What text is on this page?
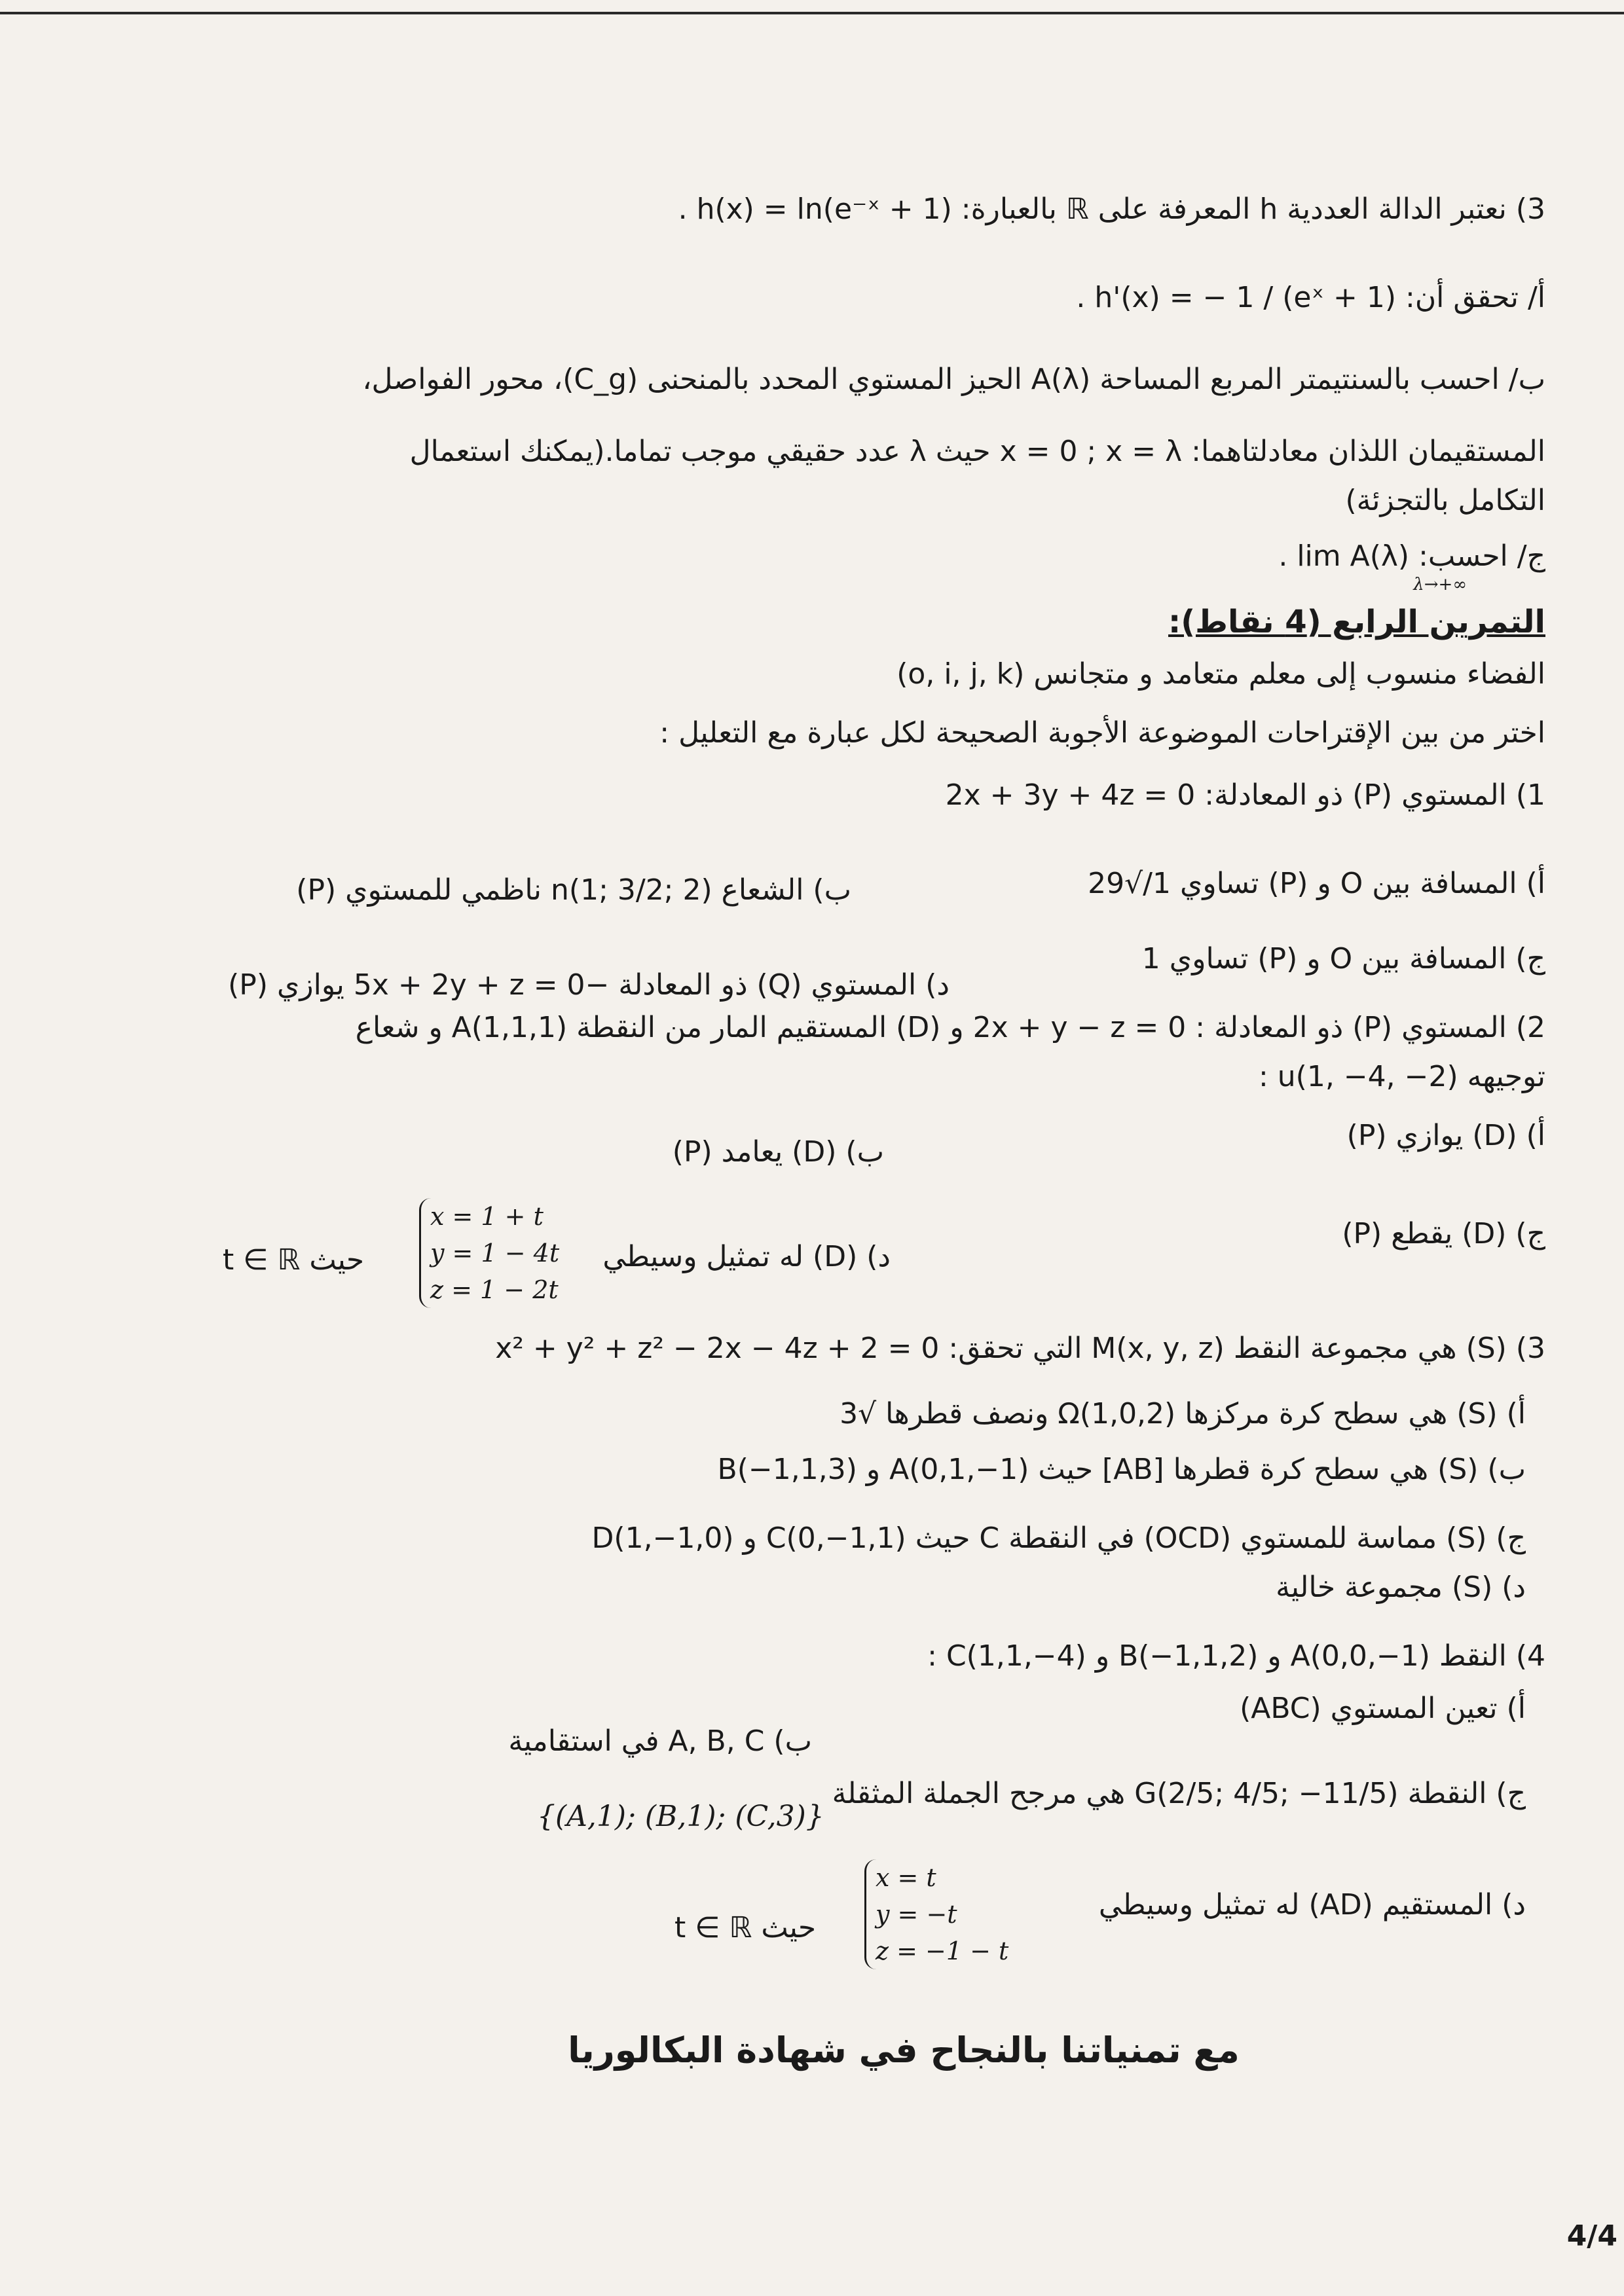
3) نعتبر الدالة العددية h المعرفة على ℝ بالعبارة: h(x) = ln(e⁻ˣ + 1) .
أ/ تحقق أن: h'(x) = − 1 / (eˣ + 1) .
ب/ احسب بالسنتيمتر المربع المساحة A(λ) الحيز المستوي المحدد بالمنحنى (C_g)، محور الفواصل،
المستقيمان اللذان معادلتاهما: x = 0 ; x = λ حيث λ عدد حقيقي موجب تماما.(يمكنك استعمال
التكامل بالتجزئة)
ج/ احسب: lim A(λ) .
λ→+∞
التمرين الرابع (4 نقاط):
الفضاء منسوب إلى معلم متعامد و متجانس (o, i, j, k)
اختر من بين الإقتراحات الموضوعة الأجوبة الصحيحة لكل عبارة مع التعليل :
1) المستوي (P) ذو المعادلة: 2x + 3y + 4z = 0
أ) المسافة بين O و (P) تساوي 1/√29
ب) الشعاع n(1; 3/2; 2) ناظمي للمستوي (P)
ج) المسافة بين O و (P) تساوي 1
د) المستوي (Q) ذو المعادلة −5x + 2y + z = 0 يوازي (P)
2) المستوي (P) ذو المعادلة : 2x + y − z = 0 و (D) المستقيم المار من النقطة A(1,1,1) و شعاع
توجيهه u(1, −4, −2) :
أ) (D) يوازي (P)
ب) (D) يعامد (P)
ج) (D) يقطع (P)
د) (D) له تمثيل وسيطي
x = 1 + t
y = 1 − 4t
z = 1 − 2t
حيث t ∈ ℝ
3) (S) هي مجموعة النقط M(x, y, z) التي تحقق: x² + y² + z² − 2x − 4z + 2 = 0
أ) (S) هي سطح كرة مركزها Ω(1,0,2) ونصف قطرها √3
ب) (S) هي سطح كرة قطرها [AB] حيث A(0,1,−1) و B(−1,1,3)
ج) (S) مماسة للمستوي (OCD) في النقطة C حيث C(0,−1,1) و D(1,−1,0)
د) (S) مجموعة خالية
4) النقط A(0,0,−1) و B(−1,1,2) و C(1,1,−4) :
أ) تعين المستوي (ABC)
ب) A, B, C في استقامية
ج) النقطة G(2/5; 4/5; −11/5) هي مرجح الجملة المثقلة
{(A,1); (B,1); (C,3)}
د) المستقيم (AD) له تمثيل وسيطي
x = t
y = −t
z = −1 − t
حيث t ∈ ℝ
مع تمنياتنا بالنجاح في شهادة البكالوريا
4/4
